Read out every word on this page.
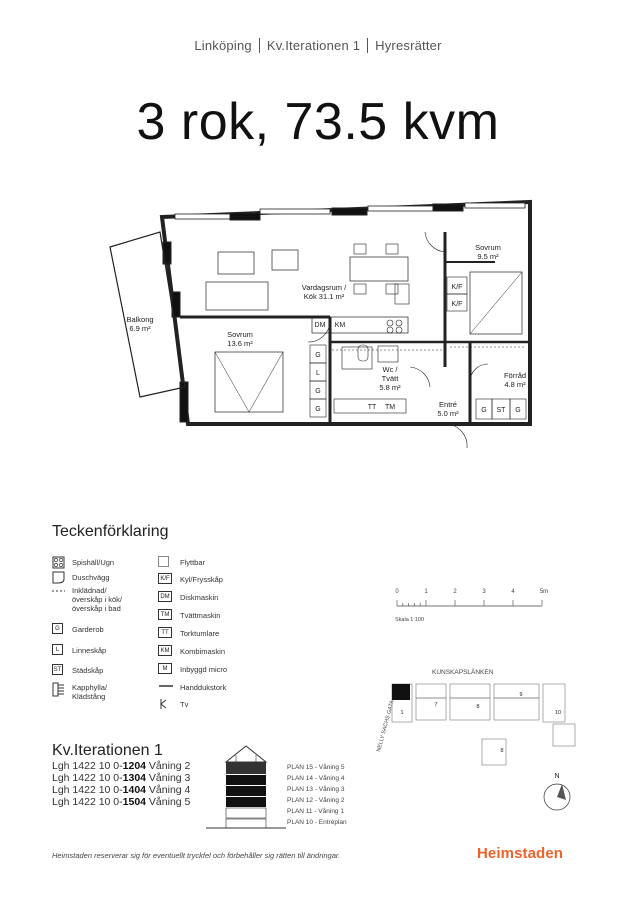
Linköping Kv.Iterationen 1 Hyresrätter
3 rok, 73.5 kvm
K/F
K/F
DM KM
G
L
G
G	TT TM	G ST G
Balkong
6.9 m²
Vardagsrum /
Kök 31.1 m²
Sovrum
9.5 m²
Sovrum
13.6 m²
Wc /
Tvätt
5.8 m²
Entré
5.0 m²
Förråd
4.8 m²
Teckenförklaring
Spishäll/Ugn
Duschvägg
Inklädnad/
överskåp i kök/
överskåp i bad
G	Garderob
L	Linneskåp
ST Städskåp
Kapphylla/
Klädstång
Flyttbar
K/F	Kyl/Frysskåp
DM	Diskmaskin
TM	Tvättmaskin
TT	Torktumlare
KM	Kombimaskin
M	Inbyggd micro
Handdukstork
Tv
0	1	2	3	4	5m
Skala 1:100
KUNSKAPSLÄNKEN
NELLY SACHS GATA 1
7	8
9
10
8
N
Kv.Iterationen 1
Lgh 1422 10 0-1204 Våning 2
Lgh 1422 10 0-1304 Våning 3
Lgh 1422 10 0-1404 Våning 4
Lgh 1422 10 0-1504 Våning 5
PLAN 15 - Våning 5
PLAN 14 - Våning 4
PLAN 13 - Våning 3
PLAN 12 - Våning 2
PLAN 11 - Våning 1
PLAN 10 - Entréplan
Heimstaden reserverar sig för eventuellt tryckfel och förbehåller sig rätten till ändringar.	Heimstaden
